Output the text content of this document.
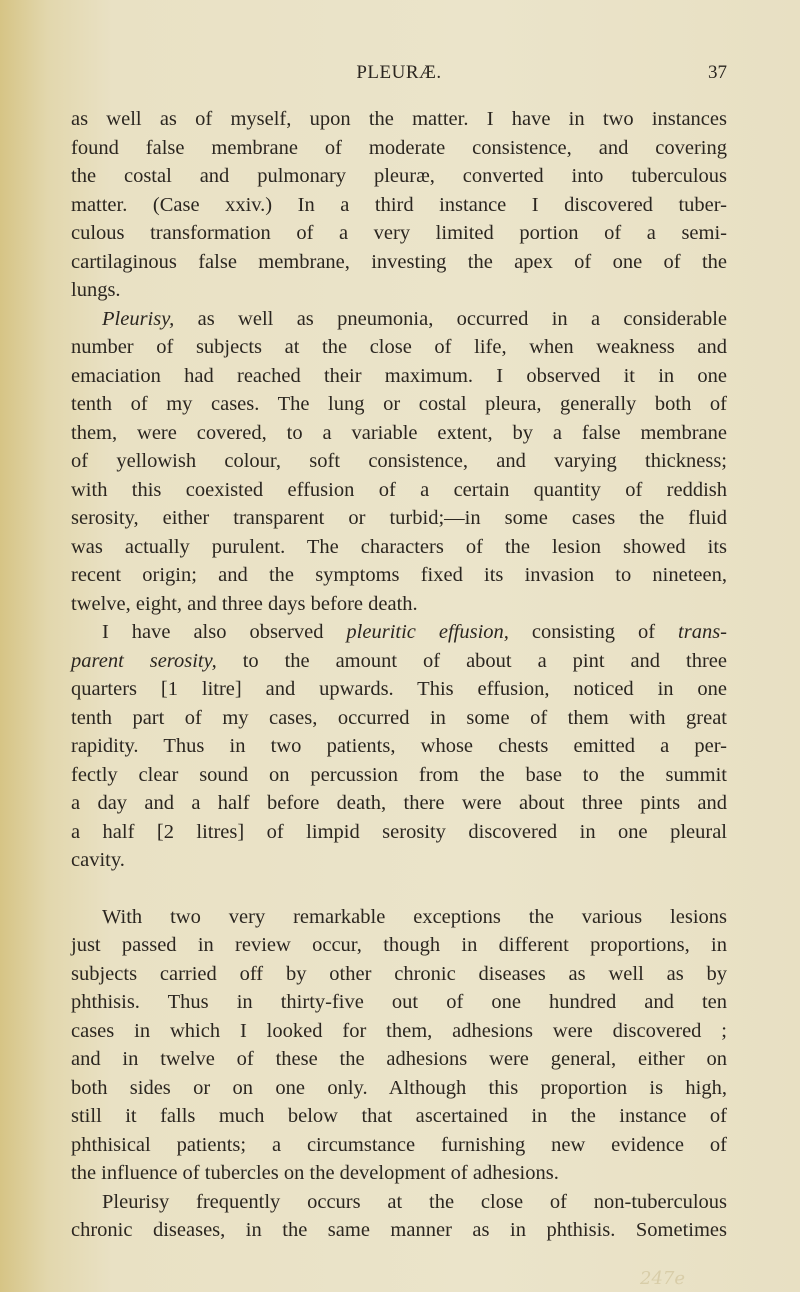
PLEURÆ.	37
as well as of myself, upon the matter. I have in two instances
found false membrane of moderate consistence, and covering
the costal and pulmonary pleuræ, converted into tuberculous
matter. (Case xxiv.) In a third instance I discovered tuber-
culous transformation of a very limited portion of a semi-
cartilaginous false membrane, investing the apex of one of the
lungs.
Pleurisy, as well as pneumonia, occurred in a considerable
number of subjects at the close of life, when weakness and
emaciation had reached their maximum. I observed it in one
tenth of my cases. The lung or costal pleura, generally both of
them, were covered, to a variable extent, by a false membrane
of yellowish colour, soft consistence, and varying thickness;
with this coexisted effusion of a certain quantity of reddish
serosity, either transparent or turbid;—in some cases the fluid
was actually purulent. The characters of the lesion showed its
recent origin; and the symptoms fixed its invasion to nineteen,
twelve, eight, and three days before death.
I have also observed pleuritic effusion, consisting of trans-
parent serosity, to the amount of about a pint and three
quarters [1 litre] and upwards. This effusion, noticed in one
tenth part of my cases, occurred in some of them with great
rapidity. Thus in two patients, whose chests emitted a per-
fectly clear sound on percussion from the base to the summit
a day and a half before death, there were about three pints and
a half [2 litres] of limpid serosity discovered in one pleural
cavity.
With two very remarkable exceptions the various lesions
just passed in review occur, though in different proportions, in
subjects carried off by other chronic diseases as well as by
phthisis. Thus in thirty-five out of one hundred and ten
cases in which I looked for them, adhesions were discovered ;
and in twelve of these the adhesions were general, either on
both sides or on one only. Although this proportion is high,
still it falls much below that ascertained in the instance of
phthisical patients; a circumstance furnishing new evidence of
the influence of tubercles on the development of adhesions.
Pleurisy frequently occurs at the close of non-tuberculous
chronic diseases, in the same manner as in phthisis. Sometimes
247e
